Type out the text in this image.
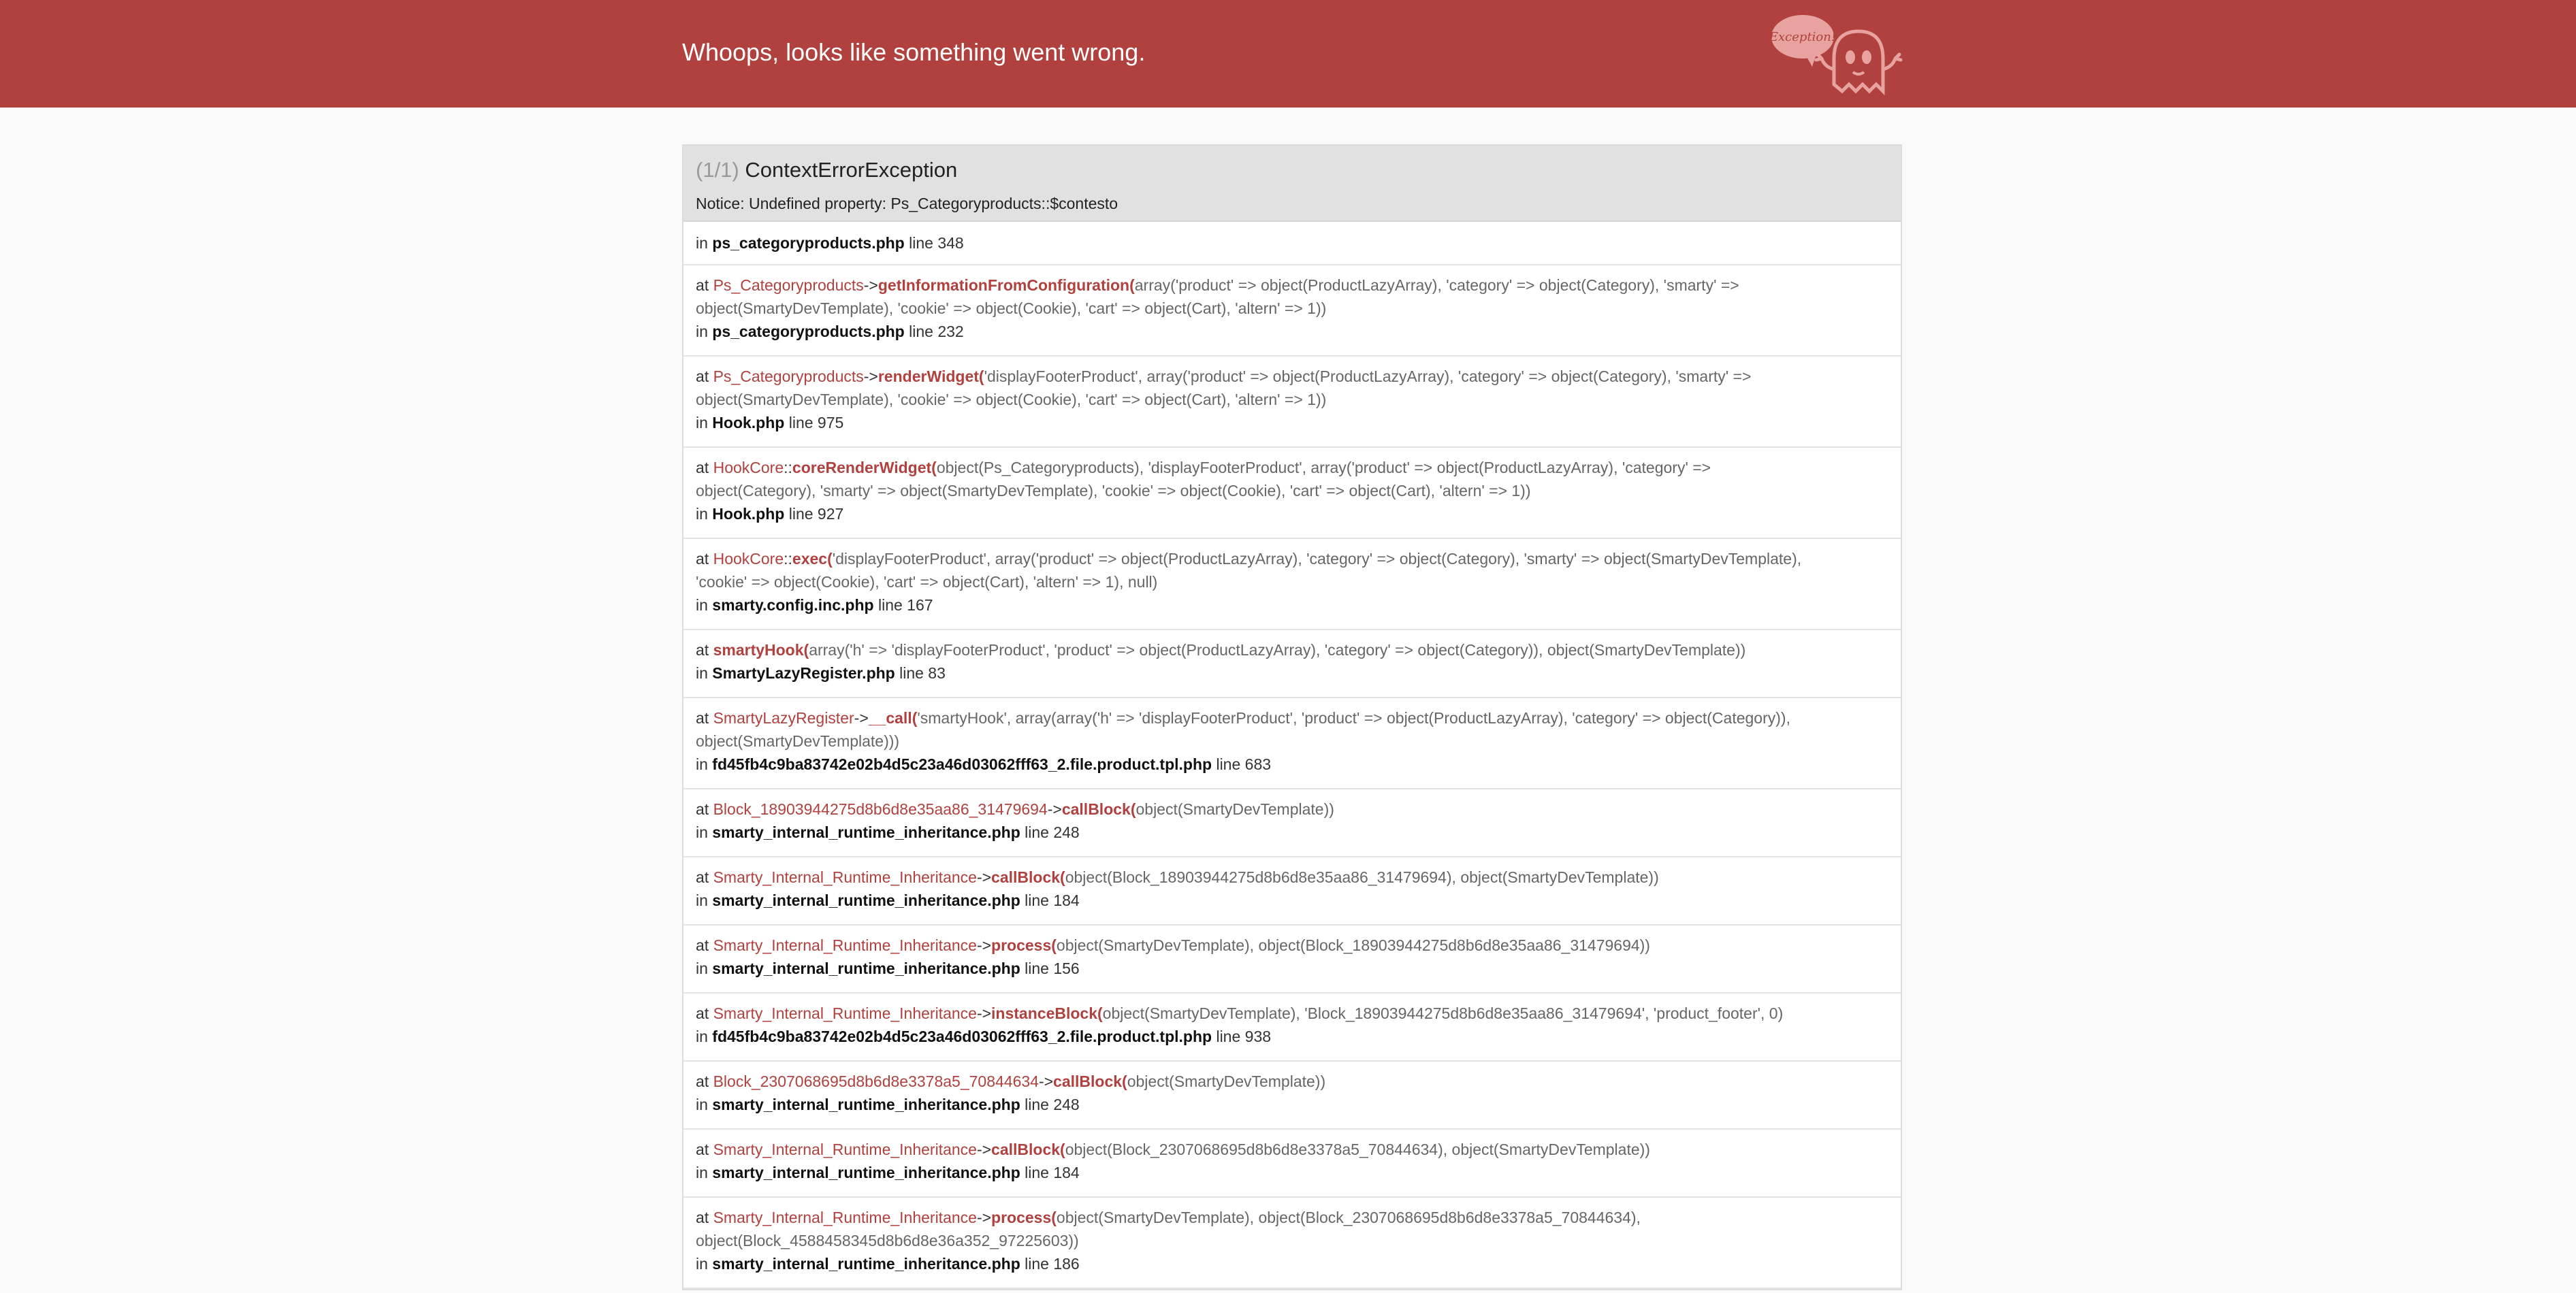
Whoops, looks like something went wrong.
Exception!
(1/1) ContextErrorException
Notice: Undefined property: Ps_Categoryproducts::$contesto
in ps_categoryproducts.php line 348
at Ps_Categoryproducts->getInformationFromConfiguration(array('product' => object(ProductLazyArray), 'category' => object(Category), 'smarty' =>
object(SmartyDevTemplate), 'cookie' => object(Cookie), 'cart' => object(Cart), 'altern' => 1))
in ps_categoryproducts.php line 232
at Ps_Categoryproducts->renderWidget('displayFooterProduct', array('product' => object(ProductLazyArray), 'category' => object(Category), 'smarty' =>
object(SmartyDevTemplate), 'cookie' => object(Cookie), 'cart' => object(Cart), 'altern' => 1))
in Hook.php line 975
at HookCore::coreRenderWidget(object(Ps_Categoryproducts), 'displayFooterProduct', array('product' => object(ProductLazyArray), 'category' =>
object(Category), 'smarty' => object(SmartyDevTemplate), 'cookie' => object(Cookie), 'cart' => object(Cart), 'altern' => 1))
in Hook.php line 927
at HookCore::exec('displayFooterProduct', array('product' => object(ProductLazyArray), 'category' => object(Category), 'smarty' => object(SmartyDevTemplate),
'cookie' => object(Cookie), 'cart' => object(Cart), 'altern' => 1), null)
in smarty.config.inc.php line 167
at smartyHook(array('h' => 'displayFooterProduct', 'product' => object(ProductLazyArray), 'category' => object(Category)), object(SmartyDevTemplate))
in SmartyLazyRegister.php line 83
at SmartyLazyRegister->__call('smartyHook', array(array('h' => 'displayFooterProduct', 'product' => object(ProductLazyArray), 'category' => object(Category)),
object(SmartyDevTemplate)))
in fd45fb4c9ba83742e02b4d5c23a46d03062fff63_2.file.product.tpl.php line 683
at Block_18903944275d8b6d8e35aa86_31479694->callBlock(object(SmartyDevTemplate))
in smarty_internal_runtime_inheritance.php line 248
at Smarty_Internal_Runtime_Inheritance->callBlock(object(Block_18903944275d8b6d8e35aa86_31479694), object(SmartyDevTemplate))
in smarty_internal_runtime_inheritance.php line 184
at Smarty_Internal_Runtime_Inheritance->process(object(SmartyDevTemplate), object(Block_18903944275d8b6d8e35aa86_31479694))
in smarty_internal_runtime_inheritance.php line 156
at Smarty_Internal_Runtime_Inheritance->instanceBlock(object(SmartyDevTemplate), 'Block_18903944275d8b6d8e35aa86_31479694', 'product_footer', 0)
in fd45fb4c9ba83742e02b4d5c23a46d03062fff63_2.file.product.tpl.php line 938
at Block_2307068695d8b6d8e3378a5_70844634->callBlock(object(SmartyDevTemplate))
in smarty_internal_runtime_inheritance.php line 248
at Smarty_Internal_Runtime_Inheritance->callBlock(object(Block_2307068695d8b6d8e3378a5_70844634), object(SmartyDevTemplate))
in smarty_internal_runtime_inheritance.php line 184
at Smarty_Internal_Runtime_Inheritance->process(object(SmartyDevTemplate), object(Block_2307068695d8b6d8e3378a5_70844634),
object(Block_4588458345d8b6d8e36a352_97225603))
in smarty_internal_runtime_inheritance.php line 186
